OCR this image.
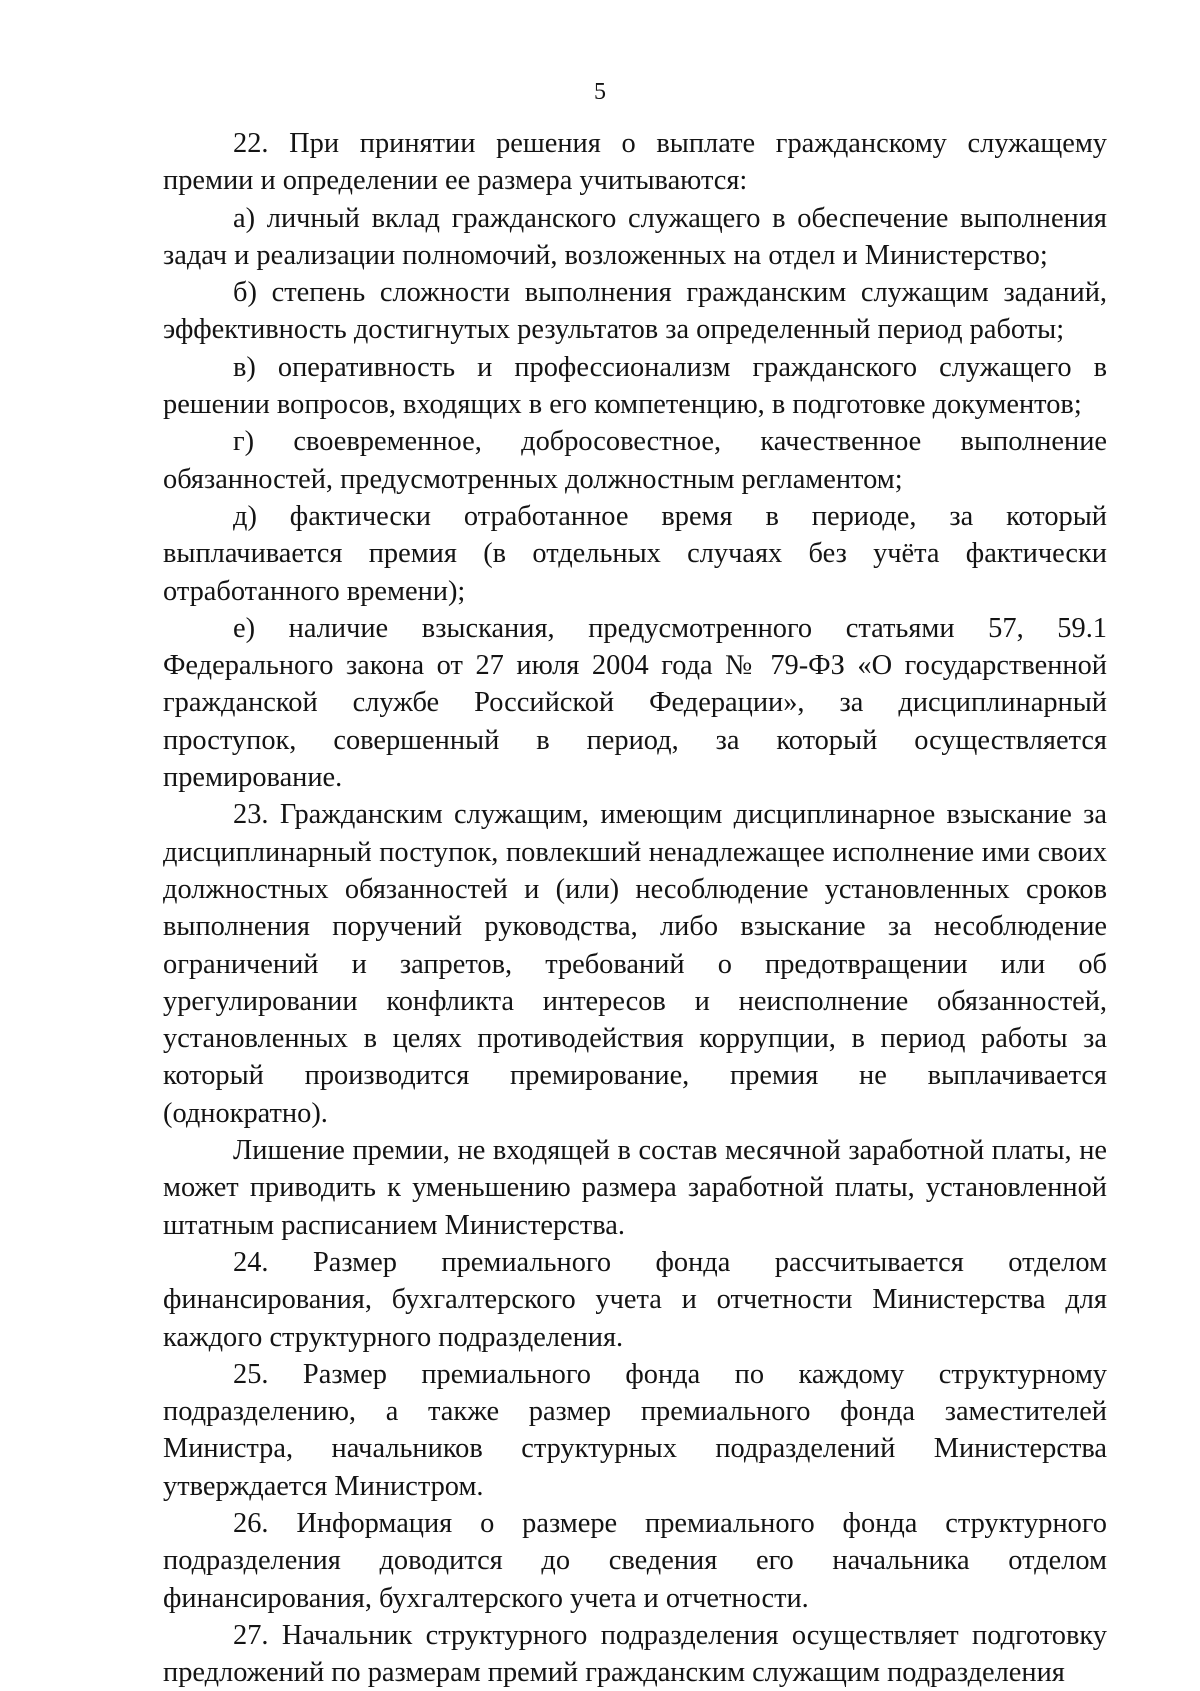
5

22. При принятии решения о выплате гражданскому служащему премии и определении ее размера учитываются:

а) личный вклад гражданского служащего в обеспечение выполнения задач и реализации полномочий, возложенных на отдел и Министерство;

б) степень сложности выполнения гражданским служащим заданий, эффективность достигнутых результатов за определенный период работы;

в) оперативность и профессионализм гражданского служащего в решении вопросов, входящих в его компетенцию, в подготовке документов;

г) своевременное, добросовестное, качественное выполнение обязанностей, предусмотренных должностным регламентом;

д) фактически отработанное время в периоде, за который выплачивается премия (в отдельных случаях без учёта фактически отработанного времени);

е) наличие взыскания, предусмотренного статьями 57, 59.1 Федерального закона от 27 июля 2004 года № 79-ФЗ «О государственной гражданской службе Российской Федерации», за дисциплинарный проступок, совершенный в период, за который осуществляется премирование.

23. Гражданским служащим, имеющим дисциплинарное взыскание за дисциплинарный поступок, повлекший ненадлежащее исполнение ими своих должностных обязанностей и (или) несоблюдение установленных сроков выполнения поручений руководства, либо взыскание за несоблюдение ограничений и запретов, требований о предотвращении или об урегулировании конфликта интересов и неисполнение обязанностей, установленных в целях противодействия коррупции, в период работы за который производится премирование, премия не выплачивается (однократно).

Лишение премии, не входящей в состав месячной заработной платы, не может приводить к уменьшению размера заработной платы, установленной штатным расписанием Министерства.

24. Размер премиального фонда рассчитывается отделом финансирования, бухгалтерского учета и отчетности Министерства для каждого структурного подразделения.

25. Размер премиального фонда по каждому структурному подразделению, а также размер премиального фонда заместителей Министра, начальников структурных подразделений Министерства утверждается Министром.

26. Информация о размере премиального фонда структурного подразделения доводится до сведения его начальника отделом финансирования, бухгалтерского учета и отчетности.

27. Начальник структурного подразделения осуществляет подготовку предложений по размерам премий гражданским служащим подразделения
